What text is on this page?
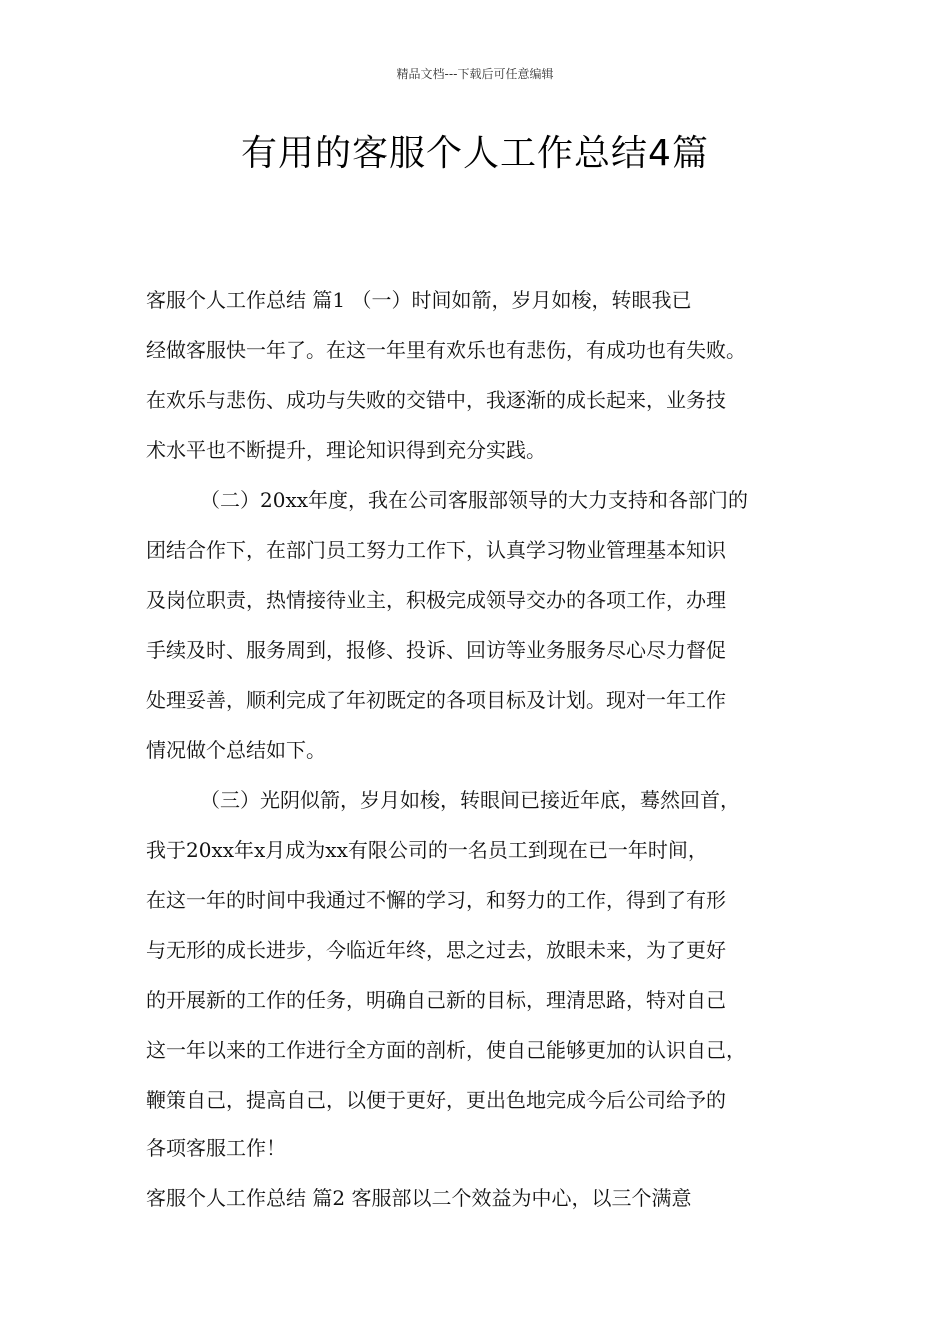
精品文档---下载后可任意编辑
有用的客服个人工作总结4篇
客服个人工作总结 篇1 （一）时间如箭，岁月如梭，转眼我已
经做客服快一年了。在这一年里有欢乐也有悲伤，有成功也有失败。
在欢乐与悲伤、成功与失败的交错中，我逐渐的成长起来，业务技
术水平也不断提升，理论知识得到充分实践。
（二）20xx年度，我在公司客服部领导的大力支持和各部门的
团结合作下，在部门员工努力工作下，认真学习物业管理基本知识
及岗位职责，热情接待业主，积极完成领导交办的各项工作，办理
手续及时、服务周到，报修、投诉、回访等业务服务尽心尽力督促
处理妥善，顺利完成了年初既定的各项目标及计划。现对一年工作
情况做个总结如下。
（三）光阴似箭，岁月如梭，转眼间已接近年底，蓦然回首，
我于20xx年x月成为xx有限公司的一名员工到现在已一年时间，
在这一年的时间中我通过不懈的学习，和努力的工作，得到了有形
与无形的成长进步，今临近年终，思之过去，放眼未来，为了更好
的开展新的工作的任务，明确自己新的目标，理清思路，特对自己
这一年以来的工作进行全方面的剖析，使自己能够更加的认识自己，
鞭策自己，提高自己，以便于更好，更出色地完成今后公司给予的
各项客服工作！
客服个人工作总结 篇2 客服部以二个效益为中心，以三个满意
